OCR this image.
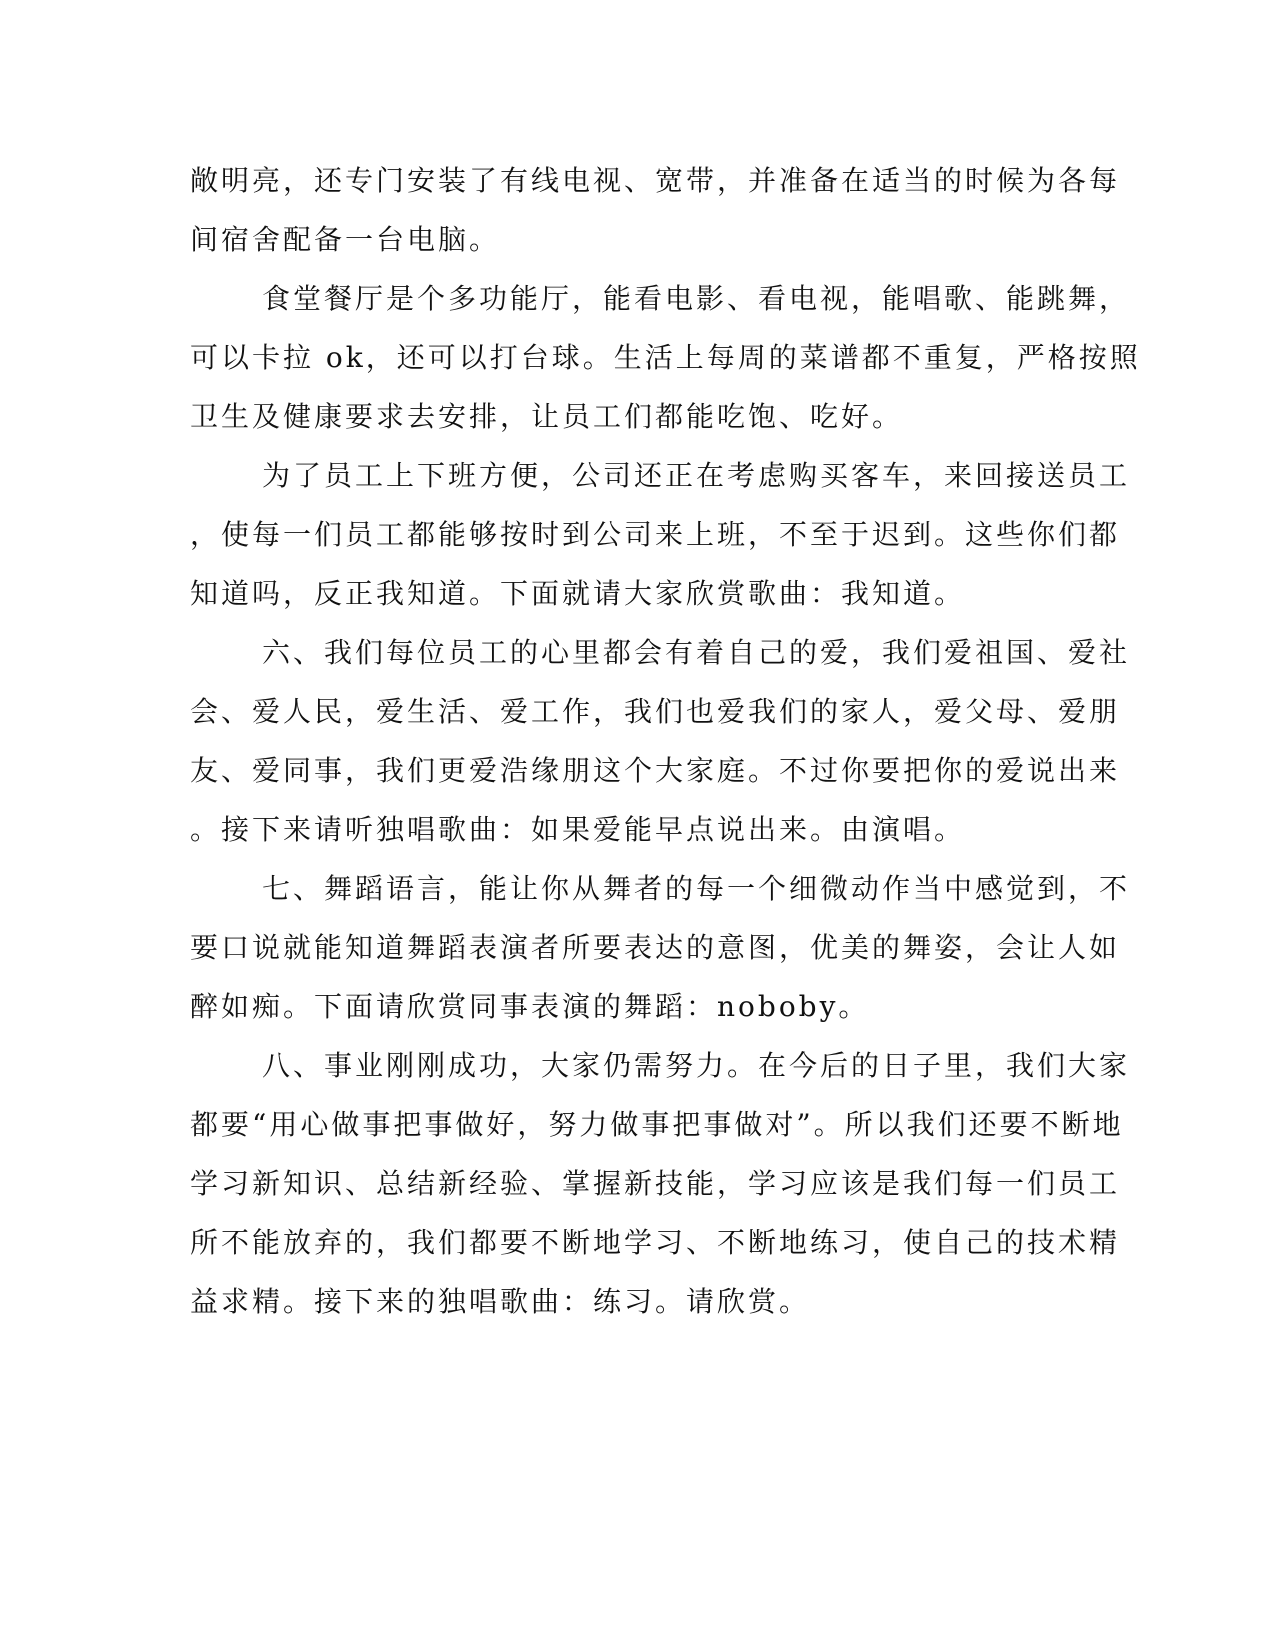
敞明亮，还专门安装了有线电视、宽带，并准备在适当的时候为各每
间宿舍配备一台电脑。
食堂餐厅是个多功能厅，能看电影、看电视，能唱歌、能跳舞，
可以卡拉 ok，还可以打台球。生活上每周的菜谱都不重复，严格按照
卫生及健康要求去安排，让员工们都能吃饱、吃好。
为了员工上下班方便，公司还正在考虑购买客车，来回接送员工
，使每一们员工都能够按时到公司来上班，不至于迟到。这些你们都
知道吗，反正我知道。下面就请大家欣赏歌曲：我知道。
六、我们每位员工的心里都会有着自己的爱，我们爱祖国、爱社
会、爱人民，爱生活、爱工作，我们也爱我们的家人，爱父母、爱朋
友、爱同事，我们更爱浩缘朋这个大家庭。不过你要把你的爱说出来
。接下来请听独唱歌曲：如果爱能早点说出来。由演唱。
七、舞蹈语言，能让你从舞者的每一个细微动作当中感觉到，不
要口说就能知道舞蹈表演者所要表达的意图，优美的舞姿，会让人如
醉如痴。下面请欣赏同事表演的舞蹈：noboby。
八、事业刚刚成功，大家仍需努力。在今后的日子里，我们大家
都要“用心做事把事做好，努力做事把事做对”。所以我们还要不断地
学习新知识、总结新经验、掌握新技能，学习应该是我们每一们员工
所不能放弃的，我们都要不断地学习、不断地练习，使自己的技术精
益求精。接下来的独唱歌曲：练习。请欣赏。
